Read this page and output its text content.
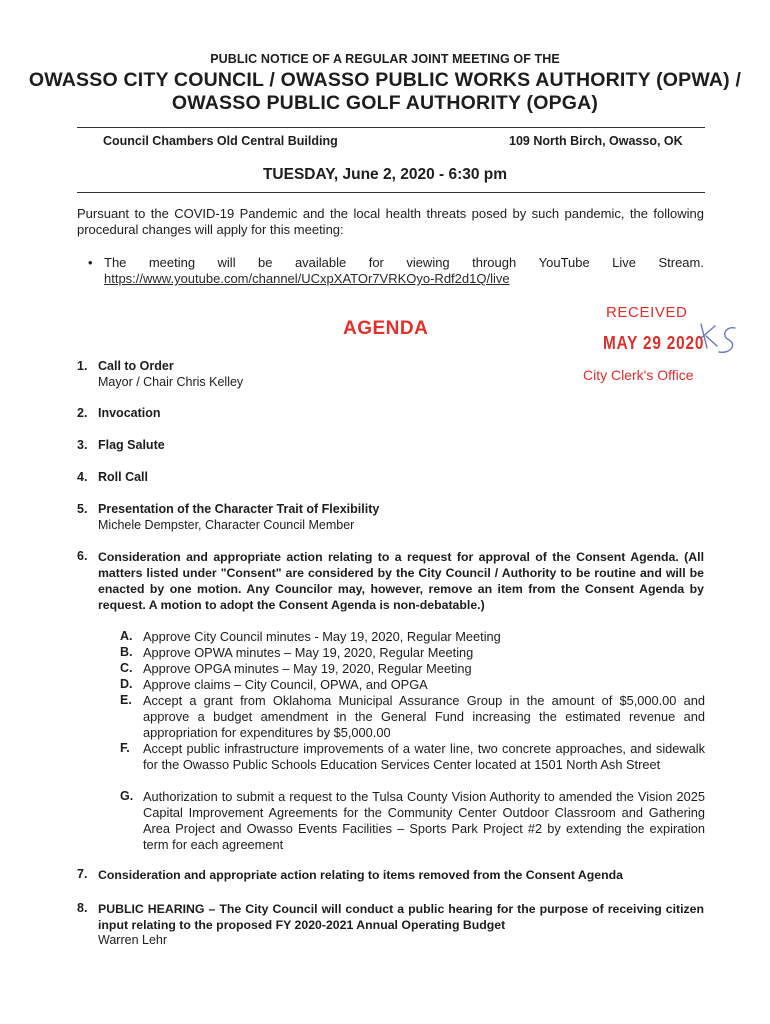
PUBLIC NOTICE OF A REGULAR JOINT MEETING OF THE
OWASSO CITY COUNCIL / OWASSO PUBLIC WORKS AUTHORITY (OPWA) /
OWASSO PUBLIC GOLF AUTHORITY (OPGA)
Council Chambers Old Central Building	109 North Birch, Owasso, OK
TUESDAY, June 2, 2020 - 6:30 pm
Pursuant to the COVID-19 Pandemic and the local health threats posed by such pandemic, the following procedural changes will apply for this meeting:
• The meeting will be available for viewing through YouTube Live Stream.
https://www.youtube.com/channel/UCxpXATOr7VRKOyo-Rdf2d1Q/live
AGENDA
RECEIVED
MAY 29 2020
City Clerk's Office
1. Call to Order
Mayor / Chair Chris Kelley
2. Invocation
3. Flag Salute
4. Roll Call
5. Presentation of the Character Trait of Flexibility
Michele Dempster, Character Council Member
6. Consideration and appropriate action relating to a request for approval of the Consent Agenda. (All matters listed under "Consent" are considered by the City Council / Authority to be routine and will be enacted by one motion. Any Councilor may, however, remove an item from the Consent Agenda by request. A motion to adopt the Consent Agenda is non-debatable.)
A. Approve City Council minutes - May 19, 2020, Regular Meeting
B. Approve OPWA minutes – May 19, 2020, Regular Meeting
C. Approve OPGA minutes – May 19, 2020, Regular Meeting
D. Approve claims – City Council, OPWA, and OPGA
E. Accept a grant from Oklahoma Municipal Assurance Group in the amount of $5,000.00 and approve a budget amendment in the General Fund increasing the estimated revenue and appropriation for expenditures by $5,000.00
F. Accept public infrastructure improvements of a water line, two concrete approaches, and sidewalk for the Owasso Public Schools Education Services Center located at 1501 North Ash Street
G. Authorization to submit a request to the Tulsa County Vision Authority to amended the Vision 2025 Capital Improvement Agreements for the Community Center Outdoor Classroom and Gathering Area Project and Owasso Events Facilities – Sports Park Project #2 by extending the expiration term for each agreement
7. Consideration and appropriate action relating to items removed from the Consent Agenda
8. PUBLIC HEARING – The City Council will conduct a public hearing for the purpose of receiving citizen input relating to the proposed FY 2020-2021 Annual Operating Budget
Warren Lehr
